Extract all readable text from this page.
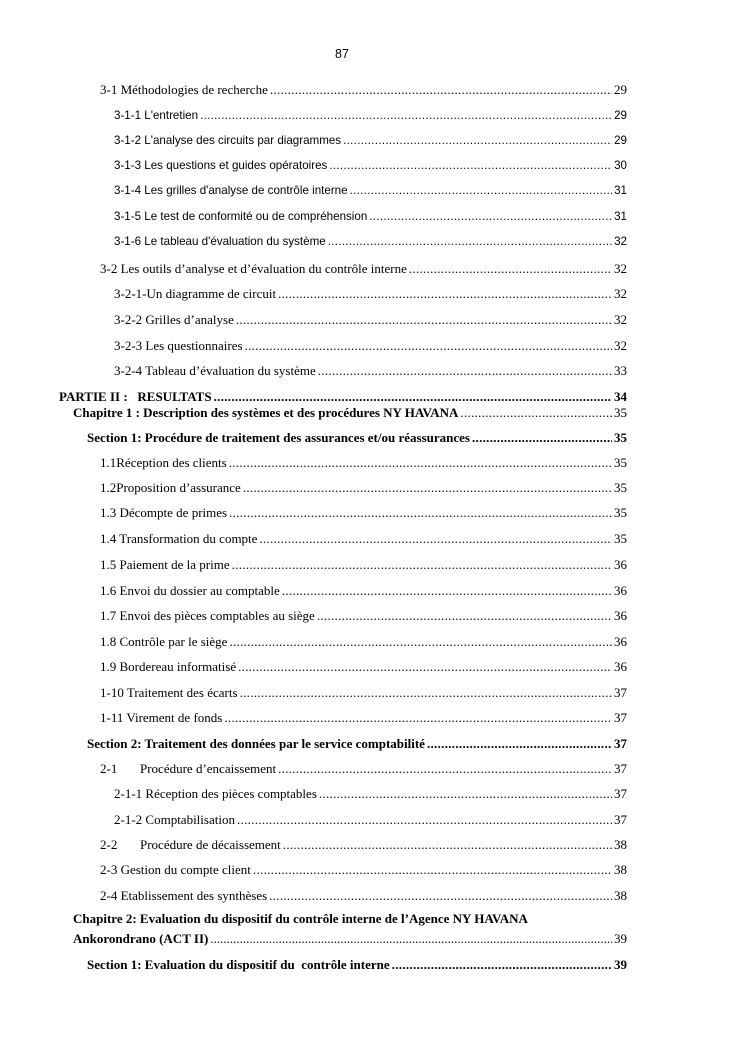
87
3-1 Méthodologies de recherche .....	29
3-1-1 L'entretien .....	29
3-1-2 L'analyse des circuits par diagrammes .....	29
3-1-3 Les questions et guides opératoires .....	30
3-1-4 Les grilles d'analyse de contrôle interne .....	31
3-1-5 Le test de conformité ou de compréhension .....	31
3-1-6 Le tableau d'évaluation du système .....	32
3-2 Les outils d’analyse et d’évaluation du contrôle interne .....	32
3-2-1-Un diagramme de circuit .....	32
3-2-2 Grilles d’analyse .....	32
3-2-3 Les questionnaires .....	32
3-2-4 Tableau d’évaluation du système .....	33
PARTIE II :   RESULTATS .....	34
Chapitre 1 : Description des systèmes et des procédures NY HAVANA .....	35
Section 1: Procédure de traitement des assurances et/ou réassurances .....	35
1.1Réception des clients .....	35
1.2Proposition d’assurance .....	35
1.3 Décompte de primes .....	35
1.4 Transformation du compte .....	35
1.5 Paiement de la prime .....	36
1.6 Envoi du dossier au comptable .....	36
1.7 Envoi des pièces comptables au siège .....	36
1.8 Contrôle par le siège .....	36
1.9 Bordereau informatisé .....	36
1-10 Traitement des écarts .....	37
1-11 Virement de fonds .....	37
Section 2: Traitement des données par le service comptabilité .....	37
2-1 Procédure d’encaissement .....	37
2-1-1 Réception des pièces comptables .....	37
2-1-2 Comptabilisation .....	37
2-2 Procédure de décaissement .....	38
2-3 Gestion du compte client .....	38
2-4 Etablissement des synthèses .....	38
Chapitre 2: Evaluation du dispositif du contrôle interne de l’Agence NY HAVANA
Ankorondrano (ACT II) .....	39
Section 1: Evaluation du dispositif du  contrôle interne .....	39
